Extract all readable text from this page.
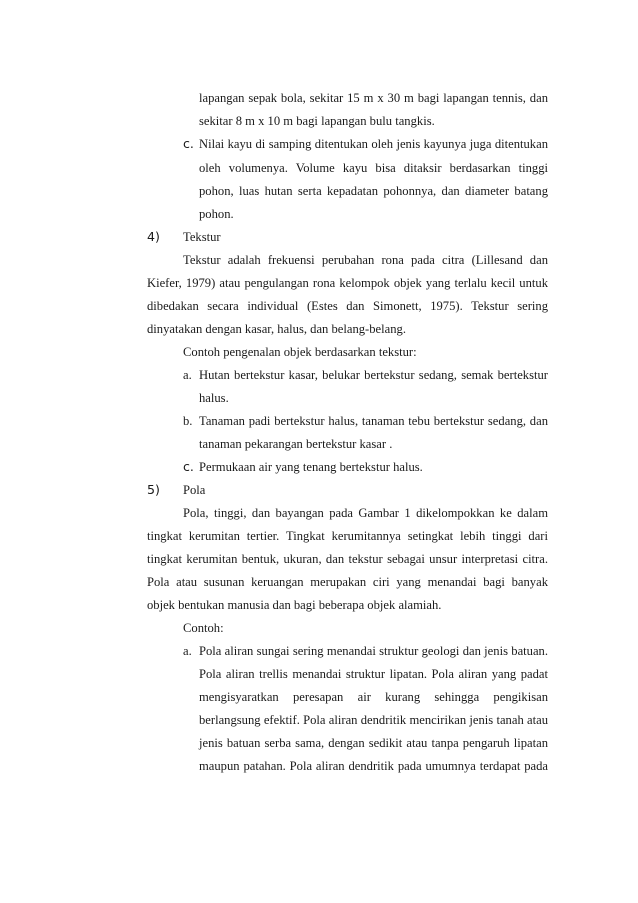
lapangan sepak bola, sekitar 15 m x 30 m bagi lapangan tennis, dan
sekitar 8 m x 10 m bagi lapangan bulu tangkis.
c. Nilai kayu di samping ditentukan oleh jenis kayunya juga ditentukan
oleh volumenya. Volume kayu bisa ditaksir berdasarkan tinggi
pohon, luas hutan serta kepadatan pohonnya, dan diameter batang
pohon.
4) Tekstur
Tekstur adalah frekuensi perubahan rona pada citra (Lillesand dan
Kiefer, 1979) atau pengulangan rona kelompok objek yang terlalu kecil untuk
dibedakan secara individual (Estes dan Simonett, 1975). Tekstur sering
dinyatakan dengan kasar, halus, dan belang-belang.
Contoh pengenalan objek berdasarkan tekstur:
a. Hutan bertekstur kasar, belukar bertekstur sedang, semak bertekstur
halus.
b. Tanaman padi bertekstur halus, tanaman tebu bertekstur sedang, dan
tanaman pekarangan bertekstur kasar .
c. Permukaan air yang tenang bertekstur halus.
5) Pola
Pola, tinggi, dan bayangan pada Gambar 1 dikelompokkan ke dalam
tingkat kerumitan tertier. Tingkat kerumitannya setingkat lebih tinggi dari
tingkat kerumitan bentuk, ukuran, dan tekstur sebagai unsur interpretasi citra.
Pola atau susunan keruangan merupakan ciri yang menandai bagi banyak
objek bentukan manusia dan bagi beberapa objek alamiah.
Contoh:
a. Pola aliran sungai sering menandai struktur geologi dan jenis batuan.
Pola aliran trellis menandai struktur lipatan. Pola aliran yang padat
mengisyaratkan peresapan air kurang sehingga pengikisan
berlangsung efektif. Pola aliran dendritik mencirikan jenis tanah atau
jenis batuan serba sama, dengan sedikit atau tanpa pengaruh lipatan
maupun patahan. Pola aliran dendritik pada umumnya terdapat pada
